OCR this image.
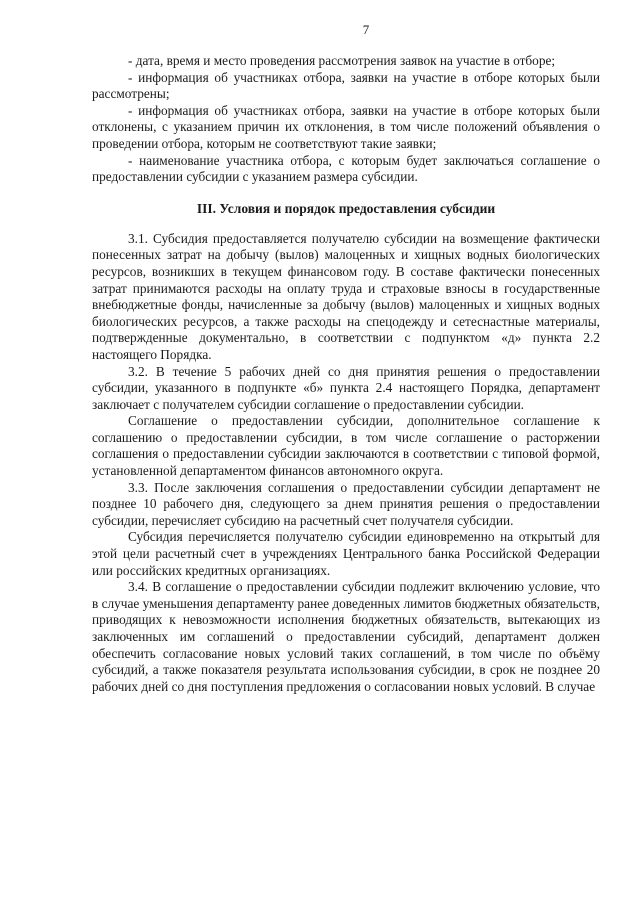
7

- дата, время и место проведения рассмотрения заявок на участие в отборе;

- информация об участниках отбора, заявки на участие в отборе которых были рассмотрены;

- информация об участниках отбора, заявки на участие в отборе которых были отклонены, с указанием причин их отклонения, в том числе положений объявления о проведении отбора, которым не соответствуют такие заявки;

- наименование участника отбора, с которым будет заключаться соглашение о предоставлении субсидии с указанием размера субсидии.

III. Условия и порядок предоставления субсидии

3.1. Субсидия предоставляется получателю субсидии на возмещение фактически понесенных затрат на добычу (вылов) малоценных и хищных водных биологических ресурсов, возникших в текущем финансовом году. В составе фактически понесенных затрат принимаются расходы на оплату труда и страховые взносы в государственные внебюджетные фонды, начисленные за добычу (вылов) малоценных и хищных водных биологических ресурсов, а также расходы на спецодежду и сетеснастные материалы, подтвержденные документально, в соответствии с подпунктом «д» пункта 2.2 настоящего Порядка.

3.2. В течение 5 рабочих дней со дня принятия решения о предоставлении субсидии, указанного в подпункте «б» пункта 2.4 настоящего Порядка, департамент заключает с получателем субсидии соглашение о предоставлении субсидии.

Соглашение о предоставлении субсидии, дополнительное соглашение к соглашению о предоставлении субсидии, в том числе соглашение о расторжении соглашения о предоставлении субсидии заключаются в соответствии с типовой формой, установленной департаментом финансов автономного округа.

3.3. После заключения соглашения о предоставлении субсидии департамент не позднее 10 рабочего дня, следующего за днем принятия решения о предоставлении субсидии, перечисляет субсидию на расчетный счет получателя субсидии.

Субсидия перечисляется получателю субсидии единовременно на открытый для этой цели расчетный счет в учреждениях Центрального банка Российской Федерации или российских кредитных организациях.

3.4. В соглашение о предоставлении субсидии подлежит включению условие, что в случае уменьшения департаменту ранее доведенных лимитов бюджетных обязательств, приводящих к невозможности исполнения бюджетных обязательств, вытекающих из заключенных им соглашений о предоставлении субсидий, департамент должен обеспечить согласование новых условий таких соглашений, в том числе по объёму субсидий, а также показателя результата использования субсидии, в срок не позднее 20 рабочих дней со дня поступления предложения о согласовании новых условий. В случае
